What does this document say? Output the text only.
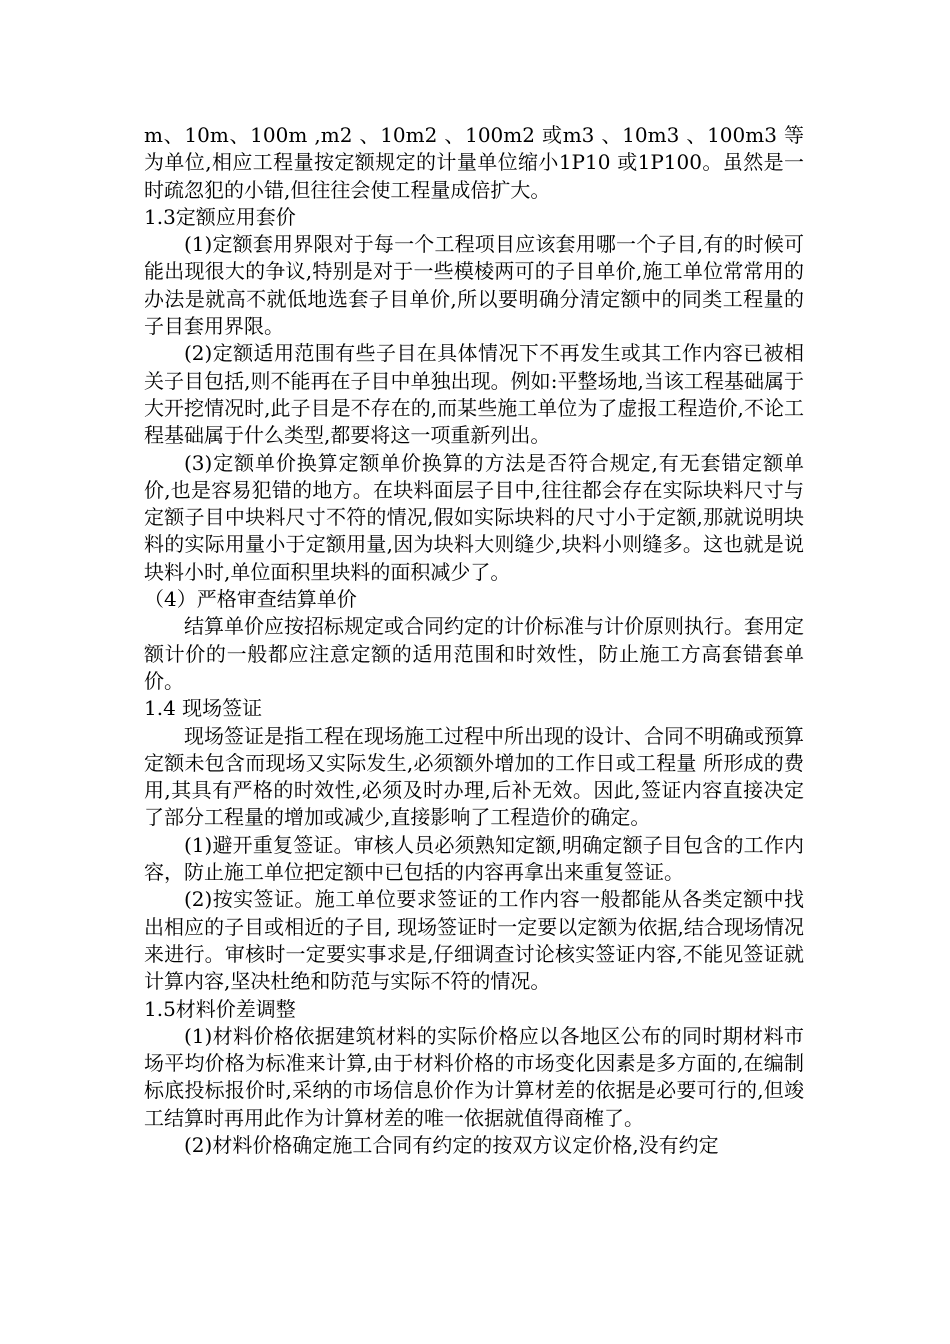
m、10m、100m ,m2 、10m2 、100m2 或m3 、10m3 、100m3 等为单位,相应工程量按定额规定的计量单位缩小1P10 或1P100。虽然是一时疏忽犯的小错,但往往会使工程量成倍扩大。

1.3定额应用套价

(1)定额套用界限对于每一个工程项目应该套用哪一个子目,有的时候可能出现很大的争议,特别是对于一些模棱两可的子目单价,施工单位常常用的办法是就高不就低地选套子目单价,所以要明确分清定额中的同类工程量的子目套用界限。

(2)定额适用范围有些子目在具体情况下不再发生或其工作内容已被相关子目包括,则不能再在子目中单独出现。例如:平整场地,当该工程基础属于大开挖情况时,此子目是不存在的,而某些施工单位为了虚报工程造价,不论工程基础属于什么类型,都要将这一项重新列出。

(3)定额单价换算定额单价换算的方法是否符合规定,有无套错定额单价,也是容易犯错的地方。在块料面层子目中,往往都会存在实际块料尺寸与定额子目中块料尺寸不符的情况,假如实际块料的尺寸小于定额,那就说明块料的实际用量小于定额用量,因为块料大则缝少,块料小则缝多。这也就是说块料小时,单位面积里块料的面积减少了。

（4）严格审查结算单价

结算单价应按招标规定或合同约定的计价标准与计价原则执行。套用定额计价的一般都应注意定额的适用范围和时效性，防止施工方高套错套单价。

1.4 现场签证

现场签证是指工程在现场施工过程中所出现的设计、合同不明确或预算定额未包含而现场又实际发生,必须额外增加的工作日或工程量 所形成的费用,其具有严格的时效性,必须及时办理,后补无效。因此,签证内容直接决定了部分工程量的增加或减少,直接影响了工程造价的确定。

(1)避开重复签证。审核人员必须熟知定额,明确定额子目包含的工作内容，防止施工单位把定额中已包括的内容再拿出来重复签证。

(2)按实签证。施工单位要求签证的工作内容一般都能从各类定额中找出相应的子目或相近的子目, 现场签证时一定要以定额为依据,结合现场情况来进行。审核时一定要实事求是,仔细调查讨论核实签证内容,不能见签证就计算内容,坚决杜绝和防范与实际不符的情况。

1.5材料价差调整

(1)材料价格依据建筑材料的实际价格应以各地区公布的同时期材料市场平均价格为标准来计算,由于材料价格的市场变化因素是多方面的,在编制标底投标报价时,采纳的市场信息价作为计算材差的依据是必要可行的,但竣工结算时再用此作为计算材差的唯一依据就值得商榷了。

(2)材料价格确定施工合同有约定的按双方议定价格,没有约定
